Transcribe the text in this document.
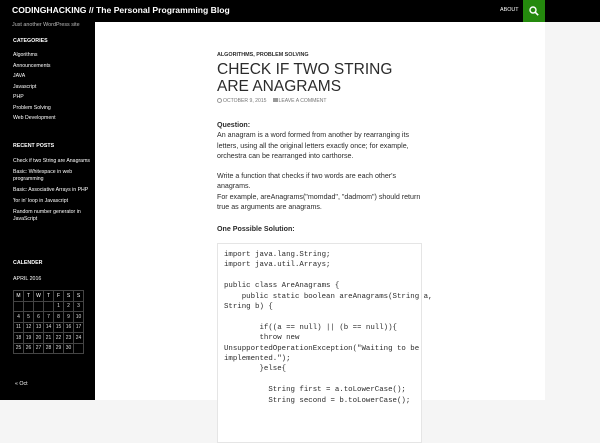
CODINGHACKING // The Personal Programming Blog	ABOUT
Just another WordPress site
CATEGORIES
Algorithms
Announcements
JAVA
Javascript
PHP
Problem Solving
Web Development
RECENT POSTS
Check if two String are Anagrams
Basic: Whitespace in web programming
Basic: Associative Arrays in PHP
'for in' loop in Javascript
Random number generator in JavaScript
CALENDER
APRIL 2016
M	T	W	T	F	S	S
				1	2	3
4	5	6	7	8	9	10
11	12	13	14	15	16	17
18	19	20	21	22	23	24
25	26	27	28	29	30	
« Oct
ALGORITHMS, PROBLEM SOLVING
CHECK IF TWO STRING ARE ANAGRAMS
OCTOBER 9, 2015 LEAVE A COMMENT
Question:
An anagram is a word formed from another by rearranging its letters, using all the original letters exactly once; for example, orchestra can be rearranged into carthorse.
Write a function that checks if two words are each other's anagrams.
For example, areAnagrams("momdad", "dadmom") should return true as arguments are anagrams.
One Possible Solution:
import java.lang.String;
import java.util.Arrays;

public class AreAnagrams {
public static boolean areAnagrams(String a,
String b) {

if((a == null) || (b == null)){
throw new
UnsupportedOperationException("Waiting to be
implemented.");
}else{

String first = a.toLowerCase();
String second = b.toLowerCase();
